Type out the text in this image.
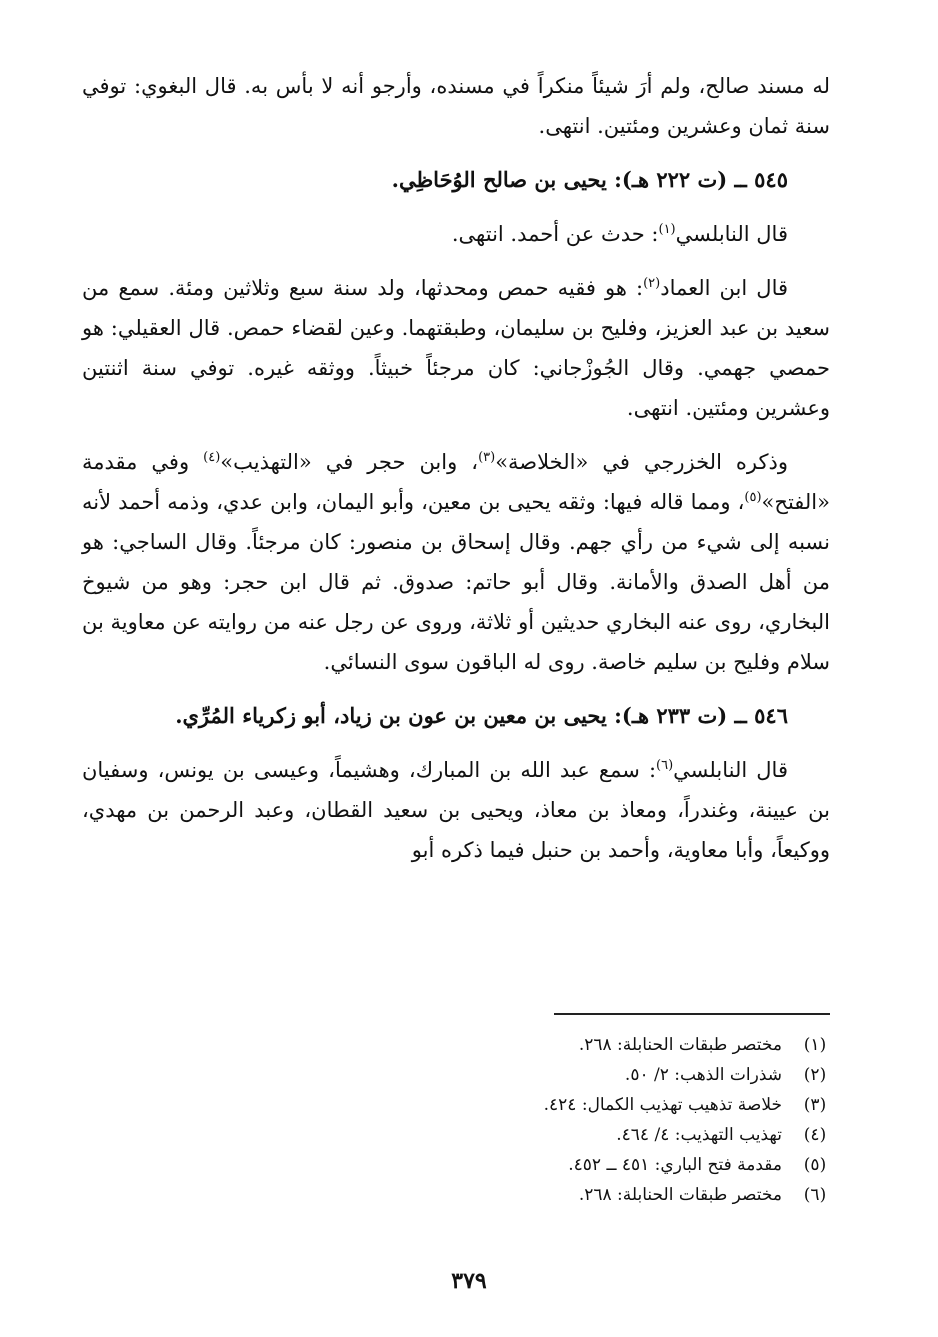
له مسند صالح، ولم أرَ شيئاً منكراً في مسنده، وأرجو أنه لا بأس به. قال البغوي: توفي سنة ثمان وعشرين ومئتين. انتهى.

٥٤٥ ــ (ت ٢٢٢ هـ): يحيى بن صالح الوُحَاظِي.

قال النابلسي$^{(١)}$: حدث عن أحمد. انتهى.

قال ابن العماد$^{(٢)}$: هو فقيه حمص ومحدثها، ولد سنة سبع وثلاثين ومئة. سمع من سعيد بن عبد العزيز، وفليح بن سليمان، وطبقتهما. وعين لقضاء حمص. قال العقيلي: هو حمصي جهمي. وقال الجُوزْجاني: كان مرجئاً خبيثاً. ووثقه غيره. توفي سنة اثنتين وعشرين ومئتين. انتهى.

وذكره الخزرجي في «الخلاصة»$^{(٣)}$، وابن حجر في «التهذيب»$^{(٤)}$ وفي مقدمة «الفتح»$^{(٥)}$، ومما قاله فيها: وثقه يحيى بن معين، وأبو اليمان، وابن عدي، وذمه أحمد لأنه نسبه إلى شيء من رأي جهم. وقال إسحاق بن منصور: كان مرجئاً. وقال الساجي: هو من أهل الصدق والأمانة. وقال أبو حاتم: صدوق. ثم قال ابن حجر: وهو من شيوخ البخاري، روى عنه البخاري حديثين أو ثلاثة، وروى عن رجل عنه من روايته عن معاوية بن سلام وفليح بن سليم خاصة. روى له الباقون سوى النسائي.

٥٤٦ ــ (ت ٢٣٣ هـ): يحيى بن معين بن عون بن زياد، أبو زكرياء المُرِّي.

قال النابلسي$^{(٦)}$: سمع عبد الله بن المبارك، وهشيماً، وعيسى بن يونس، وسفيان بن عيينة، وغندراً، ومعاذ بن معاذ، ويحيى بن سعيد القطان، وعبد الرحمن بن مهدي، ووكيعاً، وأبا معاوية، وأحمد بن حنبل فيما ذكره أبو

(١)
مختصر طبقات الحنابلة: ٢٦٨.
(٢)
شذرات الذهب: ٢/ ٥٠.
(٣)
خلاصة تذهيب تهذيب الكمال: ٤٢٤.
(٤)
تهذيب التهذيب: ٤/ ٤٦٤.
(٥)
مقدمة فتح الباري: ٤٥١ ــ ٤٥٢.
(٦)
مختصر طبقات الحنابلة: ٢٦٨.
٣٧٩
